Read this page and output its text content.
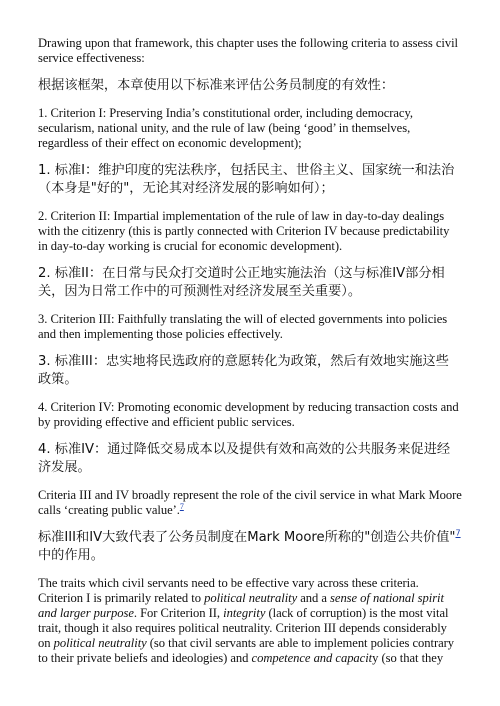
Drawing upon that framework, this chapter uses the following criteria to assess civil service effectiveness:

根据该框架，本章使用以下标准来评估公务员制度的有效性：

1. Criterion I: Preserving India’s constitutional order, including democracy, secularism, national unity, and the rule of law (being ‘good’ in themselves, regardless of their effect on economic development);

1. 标准I：维护印度的宪法秩序，包括民主、世俗主义、国家统一和法治（本身是"好的"，无论其对经济发展的影响如何）；

2. Criterion II: Impartial implementation of the rule of law in day-to-day dealings with the citizenry (this is partly connected with Criterion IV because predictability in day-to-day working is crucial for economic development).

2. 标准II：在日常与民众打交道时公正地实施法治（这与标准IV部分相关，因为日常工作中的可预测性对经济发展至关重要）。

3. Criterion III: Faithfully translating the will of elected governments into policies and then implementing those policies effectively.

3. 标准III：忠实地将民选政府的意愿转化为政策，然后有效地实施这些政策。

4. Criterion IV: Promoting economic development by reducing transaction costs and by providing effective and efficient public services.

4. 标准IV：通过降低交易成本以及提供有效和高效的公共服务来促进经济发展。

Criteria III and IV broadly represent the role of the civil service in what Mark Moore calls ‘creating public value’.$^7$

标准III和IV大致代表了公务员制度在Mark Moore所称的"创造公共价值"$^7$中的作用。

The traits which civil servants need to be effective vary across these criteria. Criterion I is primarily related to political neutrality and a sense of national spirit and larger purpose. For Criterion II, integrity (lack of corruption) is the most vital trait, though it also requires political neutrality. Criterion III depends considerably on political neutrality (so that civil servants are able to implement policies contrary to their private beliefs and ideologies) and competence and capacity (so that they
